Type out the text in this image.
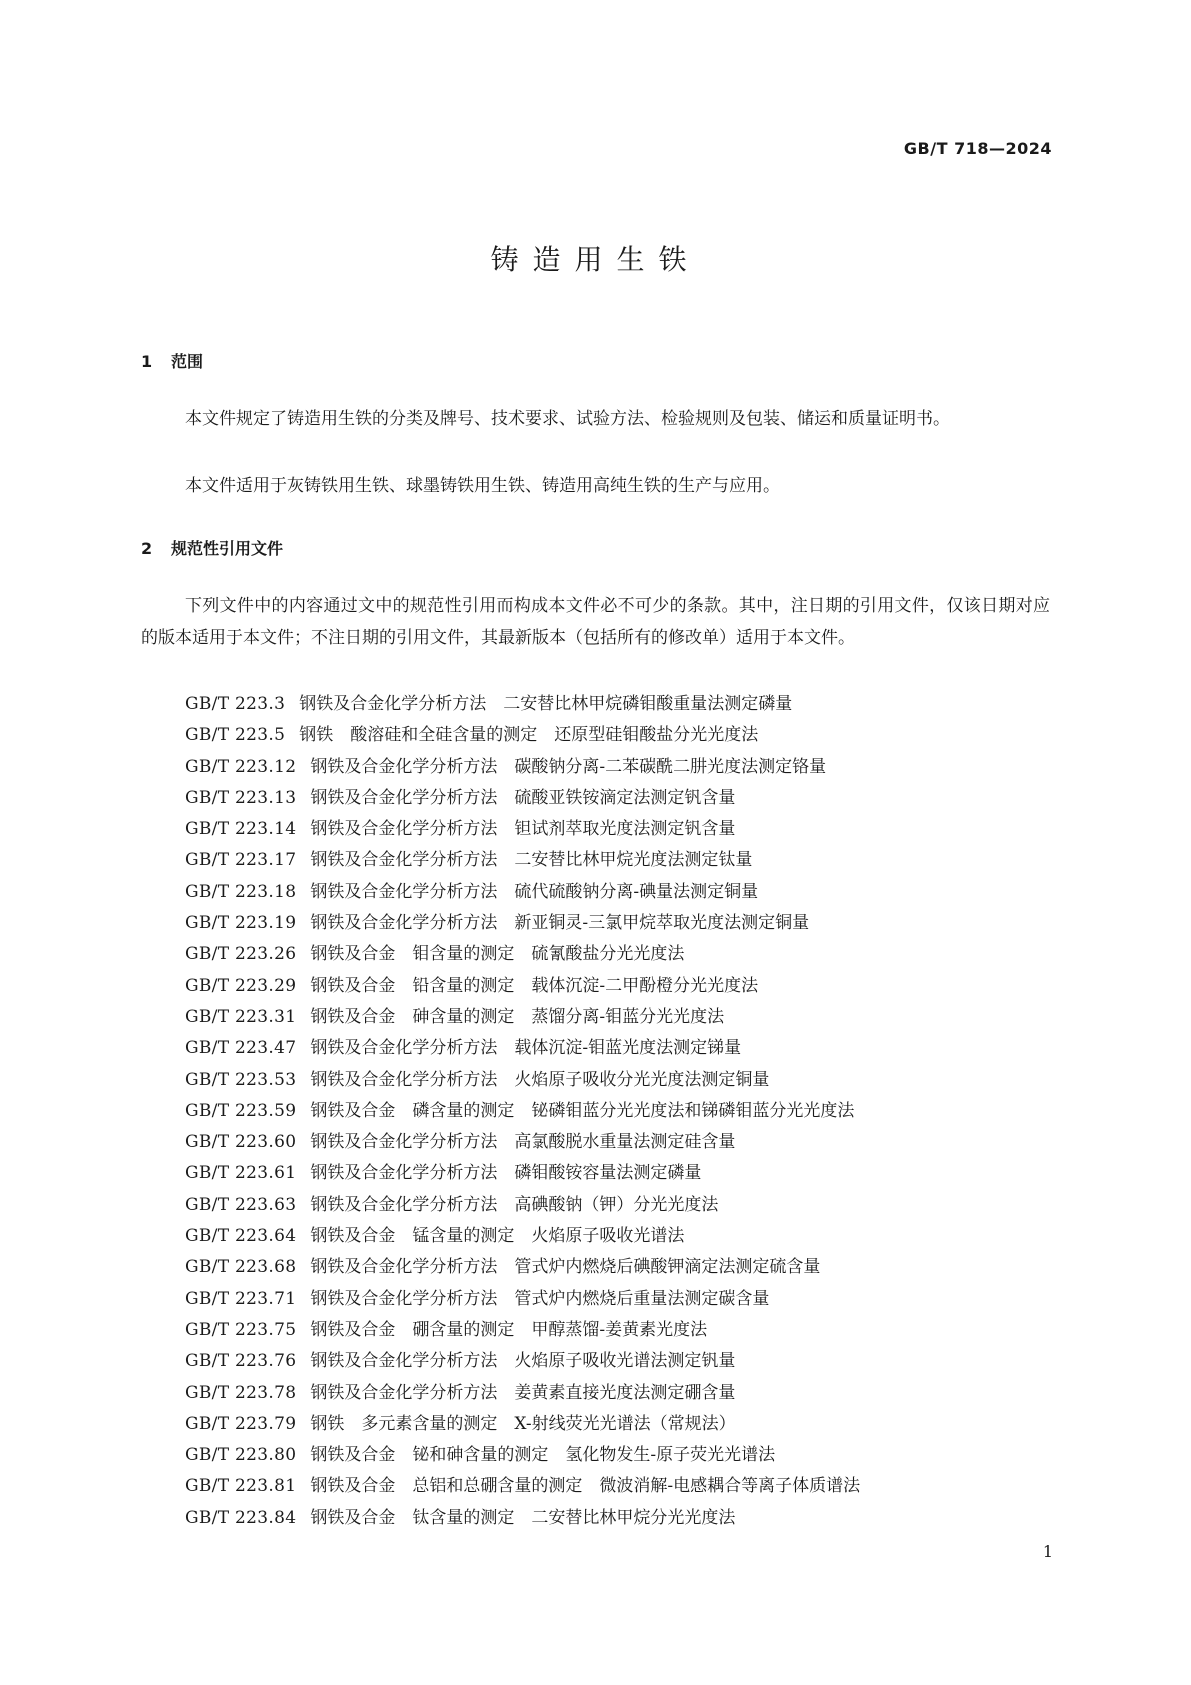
GB/T 718—2024
铸造用生铁
1 范围

本文件规定了铸造用生铁的分类及牌号、技术要求、试验方法、检验规则及包装、储运和质量证明书。

本文件适用于灰铸铁用生铁、球墨铸铁用生铁、铸造用高纯生铁的生产与应用。

2 规范性引用文件

下列文件中的内容通过文中的规范性引用而构成本文件必不可少的条款。其中，注日期的引用文件，仅该日期对应的版本适用于本文件；不注日期的引用文件，其最新版本（包括所有的修改单）适用于本文件。

GB/T 223.3 钢铁及合金化学分析方法　二安替比林甲烷磷钼酸重量法测定磷量
GB/T 223.5 钢铁　酸溶硅和全硅含量的测定　还原型硅钼酸盐分光光度法
GB/T 223.12 钢铁及合金化学分析方法　碳酸钠分离-二苯碳酰二肼光度法测定铬量
GB/T 223.13 钢铁及合金化学分析方法　硫酸亚铁铵滴定法测定钒含量
GB/T 223.14 钢铁及合金化学分析方法　钽试剂萃取光度法测定钒含量
GB/T 223.17 钢铁及合金化学分析方法　二安替比林甲烷光度法测定钛量
GB/T 223.18 钢铁及合金化学分析方法　硫代硫酸钠分离-碘量法测定铜量
GB/T 223.19 钢铁及合金化学分析方法　新亚铜灵-三氯甲烷萃取光度法测定铜量
GB/T 223.26 钢铁及合金　钼含量的测定　硫氰酸盐分光光度法
GB/T 223.29 钢铁及合金　铅含量的测定　载体沉淀-二甲酚橙分光光度法
GB/T 223.31 钢铁及合金　砷含量的测定　蒸馏分离-钼蓝分光光度法
GB/T 223.47 钢铁及合金化学分析方法　载体沉淀-钼蓝光度法测定锑量
GB/T 223.53 钢铁及合金化学分析方法　火焰原子吸收分光光度法测定铜量
GB/T 223.59 钢铁及合金　磷含量的测定　铋磷钼蓝分光光度法和锑磷钼蓝分光光度法
GB/T 223.60 钢铁及合金化学分析方法　高氯酸脱水重量法测定硅含量
GB/T 223.61 钢铁及合金化学分析方法　磷钼酸铵容量法测定磷量
GB/T 223.63 钢铁及合金化学分析方法　高碘酸钠（钾）分光光度法
GB/T 223.64 钢铁及合金　锰含量的测定　火焰原子吸收光谱法
GB/T 223.68 钢铁及合金化学分析方法　管式炉内燃烧后碘酸钾滴定法测定硫含量
GB/T 223.71 钢铁及合金化学分析方法　管式炉内燃烧后重量法测定碳含量
GB/T 223.75 钢铁及合金　硼含量的测定　甲醇蒸馏-姜黄素光度法
GB/T 223.76 钢铁及合金化学分析方法　火焰原子吸收光谱法测定钒量
GB/T 223.78 钢铁及合金化学分析方法　姜黄素直接光度法测定硼含量
GB/T 223.79 钢铁　多元素含量的测定　X-射线荧光光谱法（常规法）
GB/T 223.80 钢铁及合金　铋和砷含量的测定　氢化物发生-原子荧光光谱法
GB/T 223.81 钢铁及合金　总铝和总硼含量的测定　微波消解-电感耦合等离子体质谱法
GB/T 223.84 钢铁及合金　钛含量的测定　二安替比林甲烷分光光度法
1
